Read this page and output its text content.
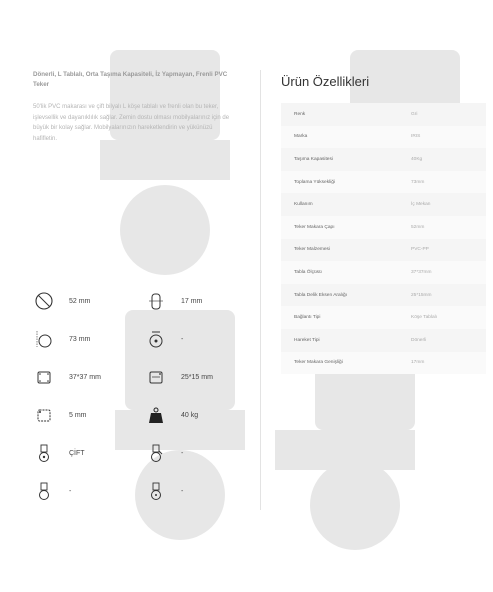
Dönerli, L Tablalı, Orta Taşıma Kapasiteli, İz Yapmayan, Frenli PVC Teker

50'lik PVC makarası ve çift bilyalı L köşe tablalı ve frenli olan bu teker, işlevsellik ve dayanıklılık sağlar. Zemin dostu olması mobilyalarınız için de büyük bir kolay sağlar. Mobilyalarınızın hareketlendirin ve yükünüzü hafifletin.
52 mm	17 mm
73 mm	-
37*37 mm	25*15 mm
5 mm	40 kg
ÇİFT	-
-	-
Ürün Özellikleri
Renk	Gri
Marka	IRIS
Taşıma Kapasitesi	40Kg
Toplama Yüksekliği	73mm
Kullanım	İç Mekan
Teker Makara Çapı	52mm
Teker Malzemesi	PVC-PP
Tabla Ölçüsü	37*37mm
Tabla Delik Eksen Aralığı	25*15mm
Bağlantı Tipi	Köşe Tablalı
Hareket Tipi	Dönerli
Teker Makara Genişliği	17mm
